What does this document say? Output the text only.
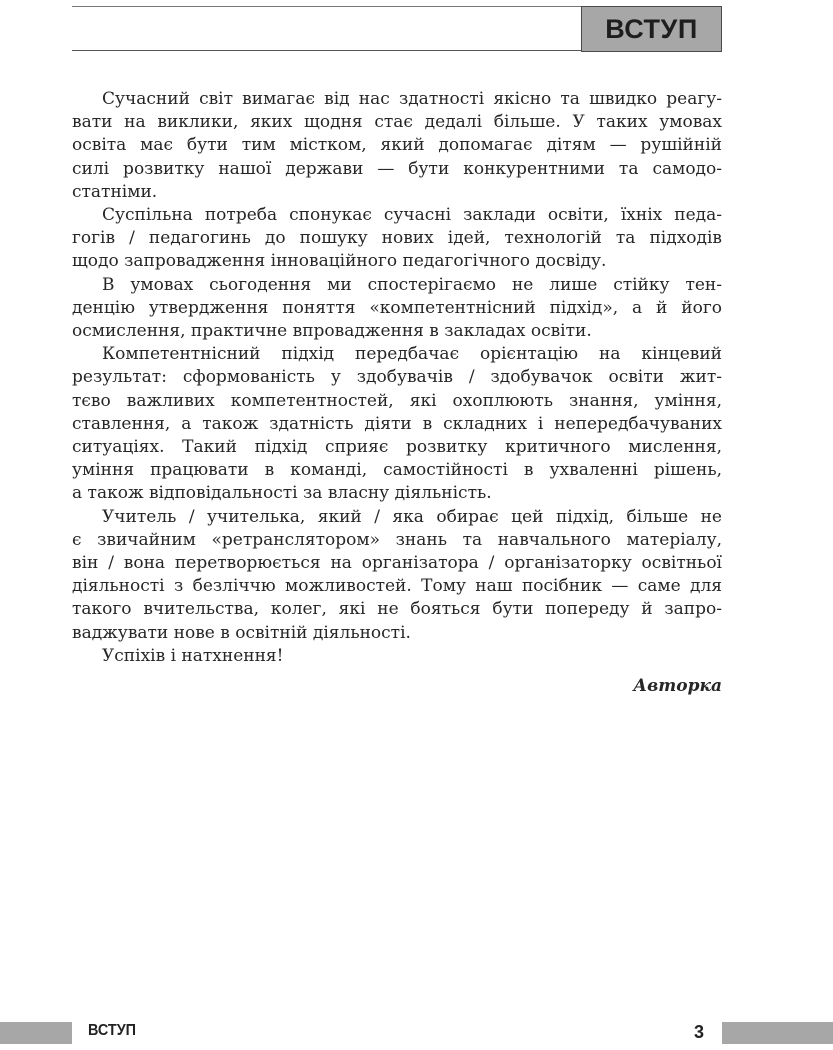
ВСТУП
Сучасний світ вимагає від нас здатності якісно та швидко реагу-
вати на виклики, яких щодня стає дедалі більше. У таких умовах
освіта має бути тим містком, який допомагає дітям — рушійній
силі розвитку нашої держави — бути конкурентними та самодо-
статніми.
Суспільна потреба спонукає сучасні заклади освіти, їхніх педа-
гогів / педагогинь до пошуку нових ідей, технологій та підходів
щодо запровадження інноваційного педагогічного досвіду.
В умовах сьогодення ми спостерігаємо не лише стійку тен-
денцію утвердження поняття «компетентнісний підхід», а й його
осмислення, практичне впровадження в закладах освіти.
Компетентнісний підхід передбачає орієнтацію на кінцевий
результат: сформованість у здобувачів / здобувачок освіти жит-
тєво важливих компетентностей, які охоплюють знання, уміння,
ставлення, а також здатність діяти в складних і непередбачуваних
ситуаціях. Такий підхід сприяє розвитку критичного мислення,
уміння працювати в команді, самостійності в ухваленні рішень,
а також відповідальності за власну діяльність.
Учитель / учителька, який / яка обирає цей підхід, більше не
є звичайним «ретранслятором» знань та навчального матеріалу,
він / вона перетворюється на організатора / організаторку освітньої
діяльності з безліччю можливостей. Тому наш посібник — саме для
такого вчительства, колег, які не бояться бути попереду й запро-
ваджувати нове в освітній діяльності.
Успіхів і натхнення!
Авторка
ВСТУП	3
